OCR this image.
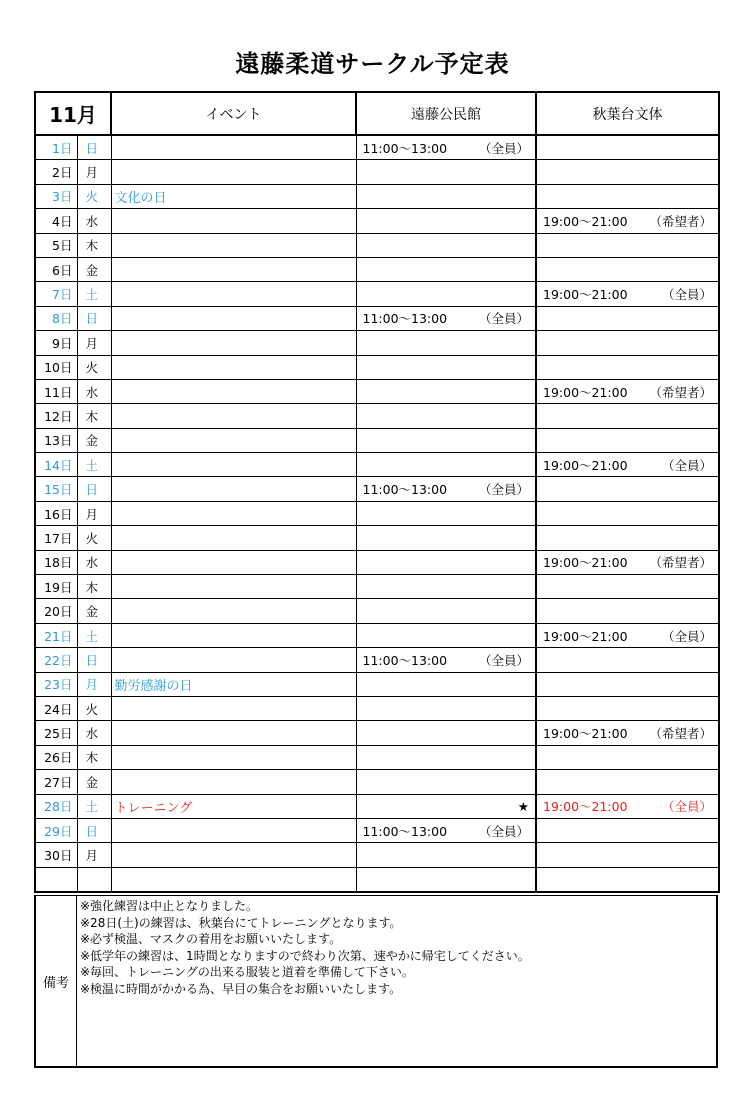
遠藤柔道サークル予定表
11月		イベント	遠藤公民館	秋葉台文体
1日	日		11:00～13:00 （全員）	

2日	月		

3日	火	文化の日	

4日	水			19:00～21:00 （希望者）

5日	木		

6日	金		

7日	土			19:00～21:00 （全員）

8日	日		11:00～13:00 （全員）	

9日	月		

10日	火		

11日	水			19:00～21:00 （希望者）

12日	木		

13日	金		

14日	土			19:00～21:00 （全員）

15日	日		11:00～13:00 （全員）	

16日	月		

17日	火		

18日	水			19:00～21:00 （希望者）

19日	木		

20日	金		

21日	土			19:00～21:00 （全員）

22日	日		11:00～13:00 （全員）	

23日	月	勤労感謝の日	

24日	火		

25日	水			19:00～21:00 （希望者）

26日	木		

27日	金		

28日	土	トレーニング	★	19:00～21:00 （全員）

29日	日		11:00～13:00 （全員）	

30日	月		

備考
※強化練習は中止となりました。
※28日(土)の練習は、秋葉台にてトレーニングとなります。
※必ず検温、マスクの着用をお願いいたします。
※低学年の練習は、1時間となりますので終わり次第、速やかに帰宅してください。
※毎回、トレーニングの出来る服装と道着を準備して下さい。
※検温に時間がかかる為、早目の集合をお願いいたします。
